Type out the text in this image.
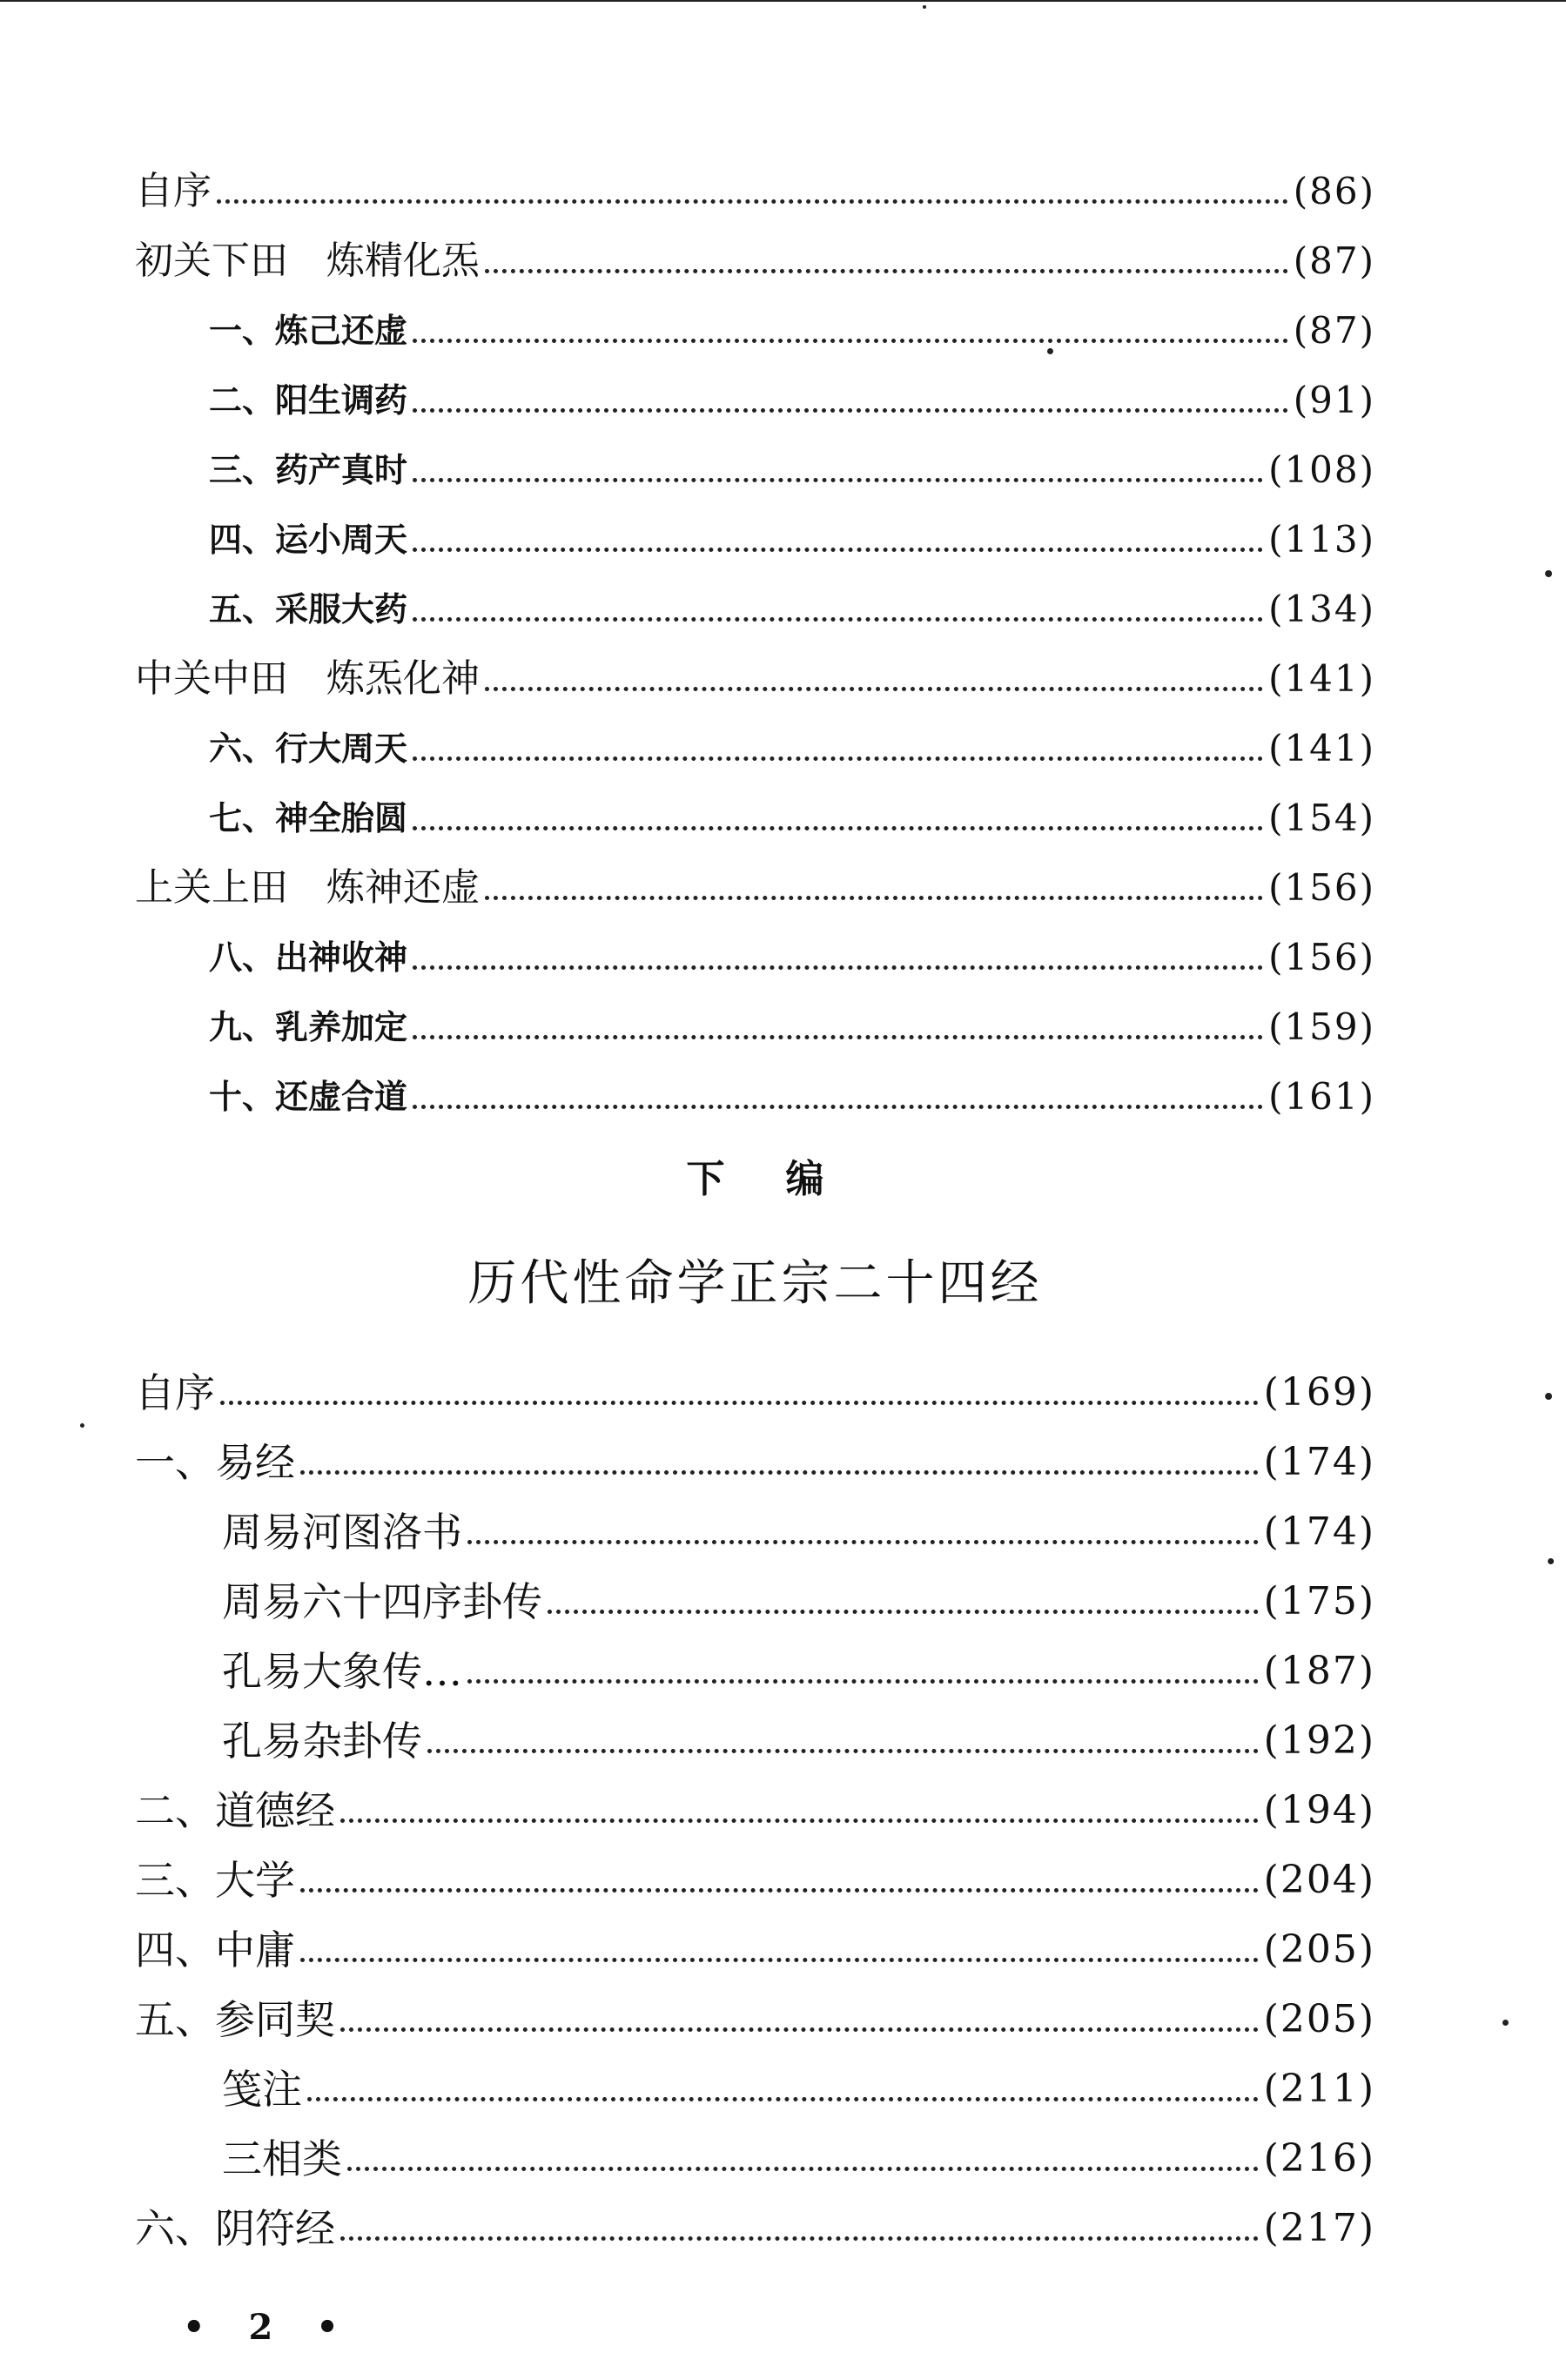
自序	(86)
初关下田　炼精化炁	(87)
一、炼己还虚	(87)
二、阳生调药	(91)
三、药产真时	(108)
四、运小周天	(113)
五、采服大药	(134)
中关中田　炼炁化神	(141)
六、行大周天	(141)
七、神全胎圆	(154)
上关上田　炼神还虚	(156)
八、出神收神	(156)
九、乳养加定	(159)
十、还虚合道	(161)
下编
历代性命学正宗二十四经
自序	(169)
一、易经	(174)
周易河图洛书	(174)
周易六十四序卦传	(175)
孔易大象传…	(187)
孔易杂卦传	(192)
二、道德经	(194)
三、大学	(204)
四、中庸	(205)
五、参同契	(205)
笺注	(211)
三相类	(216)
六、阴符经	(217)
• 2 •
